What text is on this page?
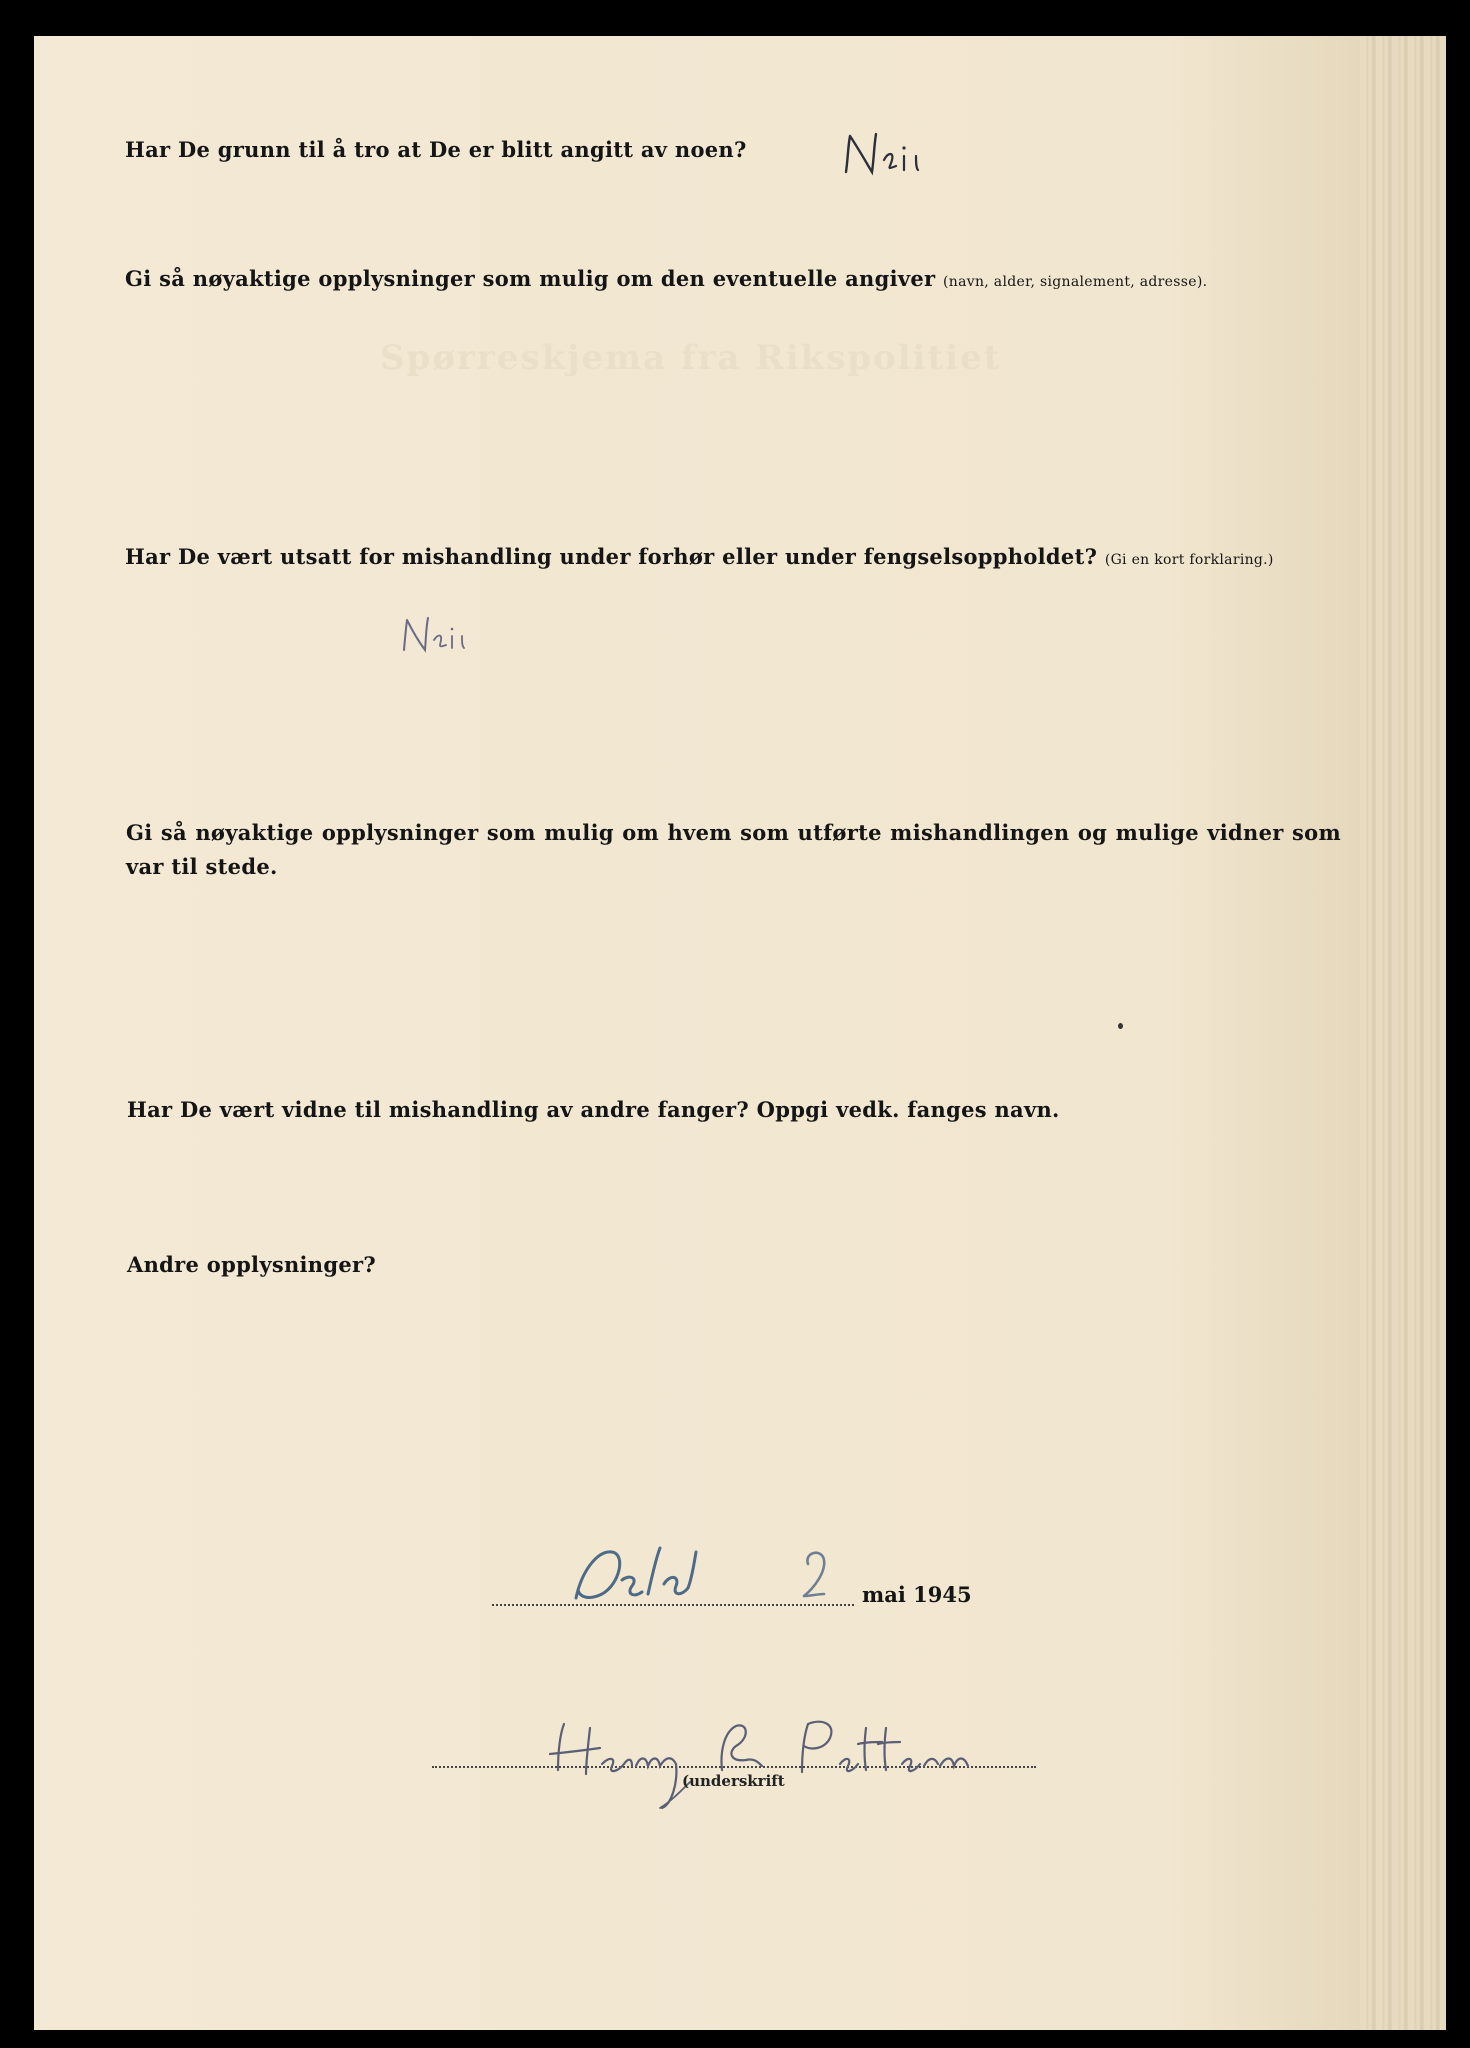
Har De grunn til å tro at De er blitt angitt av noen?
Gi så nøyaktige opplysninger som mulig om den eventuelle angiver (navn, alder, signalement, adresse).
Spørreskjema fra Rikspolitiet
Har De vært utsatt for mishandling under forhør eller under fengselsoppholdet? (Gi en kort forklaring.)
Gi så nøyaktige opplysninger som mulig om hvem som utførte mishandlingen og mulige vidner som var til stede.
Har De vært vidne til mishandling av andre fanger? Oppgi vedk. fanges navn.
Andre opplysninger?
mai 1945
(underskrift
